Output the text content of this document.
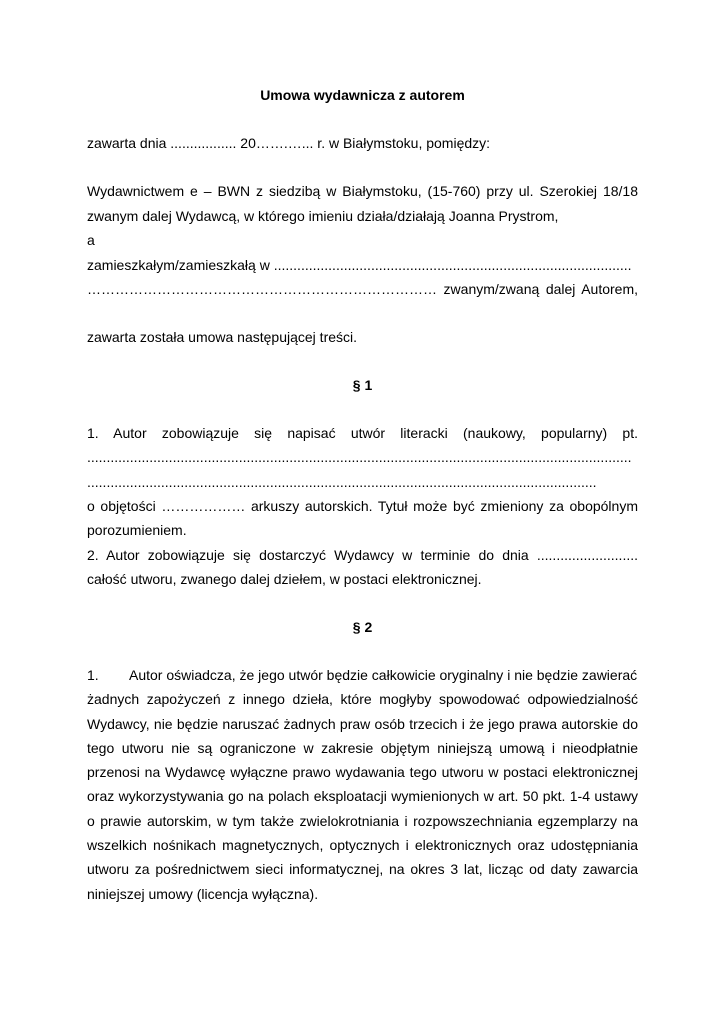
Umowa wydawnicza z autorem
zawarta dnia ................. 20…….…... r. w Białymstoku, pomiędzy:
Wydawnictwem e – BWN z siedzibą w Białymstoku, (15-760) przy ul. Szerokiej 18/18
zwanym dalej Wydawcą, w którego imieniu działa/działają Joanna Prystrom,
a
zamieszkałym/zamieszkałą w ............................................................................................
………………………………………………………………… zwanym/zwaną dalej Autorem,
zawarta została umowa następującej treści.
§ 1
1. Autor zobowiązuje się napisać utwór literacki (naukowy, popularny) pt.
............................................................................................................................................
...................................................................................................................................
o objętości ……………… arkuszy autorskich. Tytuł może być zmieniony za obopólnym
porozumieniem.
2. Autor zobowiązuje się dostarczyć Wydawcy w terminie do dnia ..........................
całość utworu, zwanego dalej dziełem, w postaci elektronicznej.
§ 2
1. Autor oświadcza, że jego utwór będzie całkowicie oryginalny i nie będzie zawierać
żadnych zapożyczeń z innego dzieła, które mogłyby spowodować odpowiedzialność
Wydawcy, nie będzie naruszać żadnych praw osób trzecich i że jego prawa autorskie do
tego utworu nie są ograniczone w zakresie objętym niniejszą umową i nieodpłatnie
przenosi na Wydawcę wyłączne prawo wydawania tego utworu w postaci elektronicznej
oraz wykorzystywania go na polach eksploatacji wymienionych w art. 50 pkt. 1-4 ustawy
o prawie autorskim, w tym także zwielokrotniania i rozpowszechniania egzemplarzy na
wszelkich nośnikach magnetycznych, optycznych i elektronicznych oraz udostępniania
utworu za pośrednictwem sieci informatycznej, na okres 3 lat, licząc od daty zawarcia
niniejszej umowy (licencja wyłączna).
